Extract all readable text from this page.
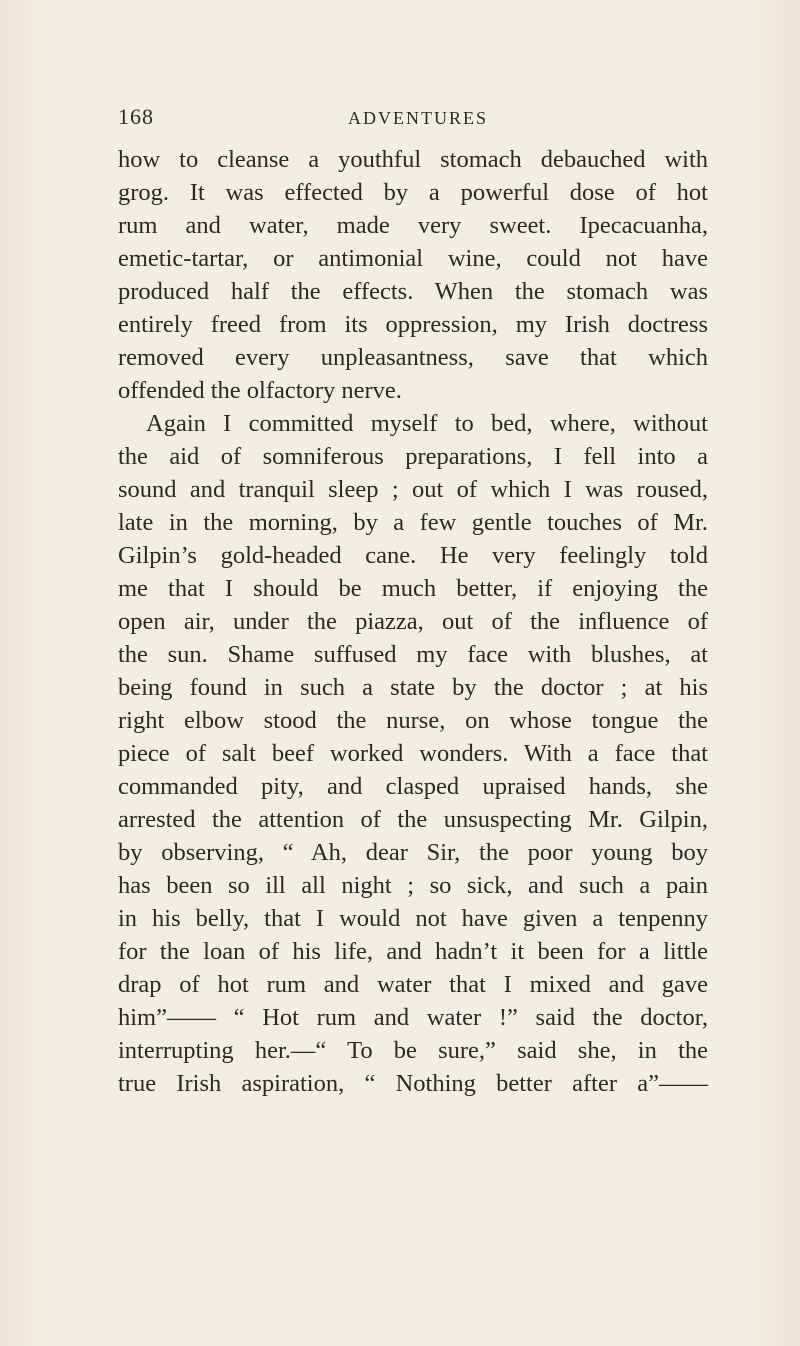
168	ADVENTURES
how to cleanse a youthful stomach debauched with
grog. It was effected by a powerful dose of hot
rum and water, made very sweet. Ipecacuanha,
emetic-tartar, or antimonial wine, could not have
produced half the effects. When the stomach was
entirely freed from its oppression, my Irish doctress
removed every unpleasantness, save that which
offended the olfactory nerve.
Again I committed myself to bed, where, without
the aid of somniferous preparations, I fell into a
sound and tranquil sleep ; out of which I was roused,
late in the morning, by a few gentle touches of Mr.
Gilpin’s gold-headed cane. He very feelingly told
me that I should be much better, if enjoying the
open air, under the piazza, out of the influence of
the sun. Shame suffused my face with blushes, at
being found in such a state by the doctor ; at his
right elbow stood the nurse, on whose tongue the
piece of salt beef worked wonders. With a face that
commanded pity, and clasped upraised hands, she
arrested the attention of the unsuspecting Mr. Gilpin,
by observing, “ Ah, dear Sir, the poor young boy
has been so ill all night ; so sick, and such a pain
in his belly, that I would not have given a tenpenny
for the loan of his life, and hadn’t it been for a little
drap of hot rum and water that I mixed and gave
him”—— “ Hot rum and water !” said the doctor,
interrupting her.—“ To be sure,” said she, in the
true Irish aspiration, “ Nothing better after a”——
